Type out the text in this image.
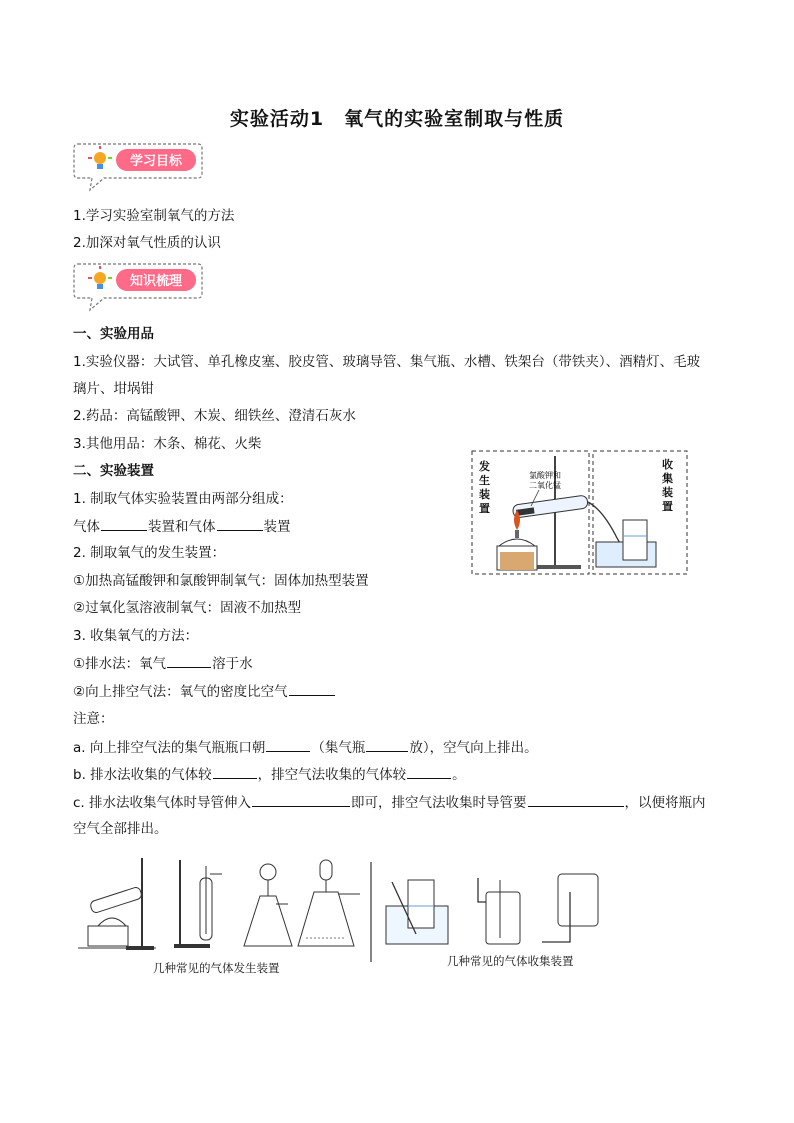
实验活动1　氧气的实验室制取与性质
学习目标
1.学习实验室制氧气的方法
2.加深对氧气性质的认识
知识梳理
一、实验用品
1.实验仪器：大试管、单孔橡皮塞、胶皮管、玻璃导管、集气瓶、水槽、铁架台（带铁夹）、酒精灯、毛玻
璃片、坩埚钳
2.药品：高锰酸钾、木炭、细铁丝、澄清石灰水
3.其他用品：木条、棉花、火柴
二、实验装置
1. 制取气体实验装置由两部分组成：
气体	装置和气体	装置
2. 制取氧气的发生装置：
①加热高锰酸钾和氯酸钾制氧气：固体加热型装置
②过氧化氢溶液制氧气：固液不加热型
3. 收集氧气的方法：
①排水法：氧气	溶于水
②向上排空气法：氧气的密度比空气
注意：
a. 向上排空气法的集气瓶瓶口朝	（集气瓶	放），空气向上排出。
b. 排水法收集的气体较	，排空气法收集的气体较	。
c. 排水法收集气体时导管伸入	即可，排空气法收集时导管要	，以便将瓶内
空气全部排出。
氯酸钾和
二氧化锰
发生装置
收集装置
几种常见的气体发生装置	几种常见的气体收集装置
